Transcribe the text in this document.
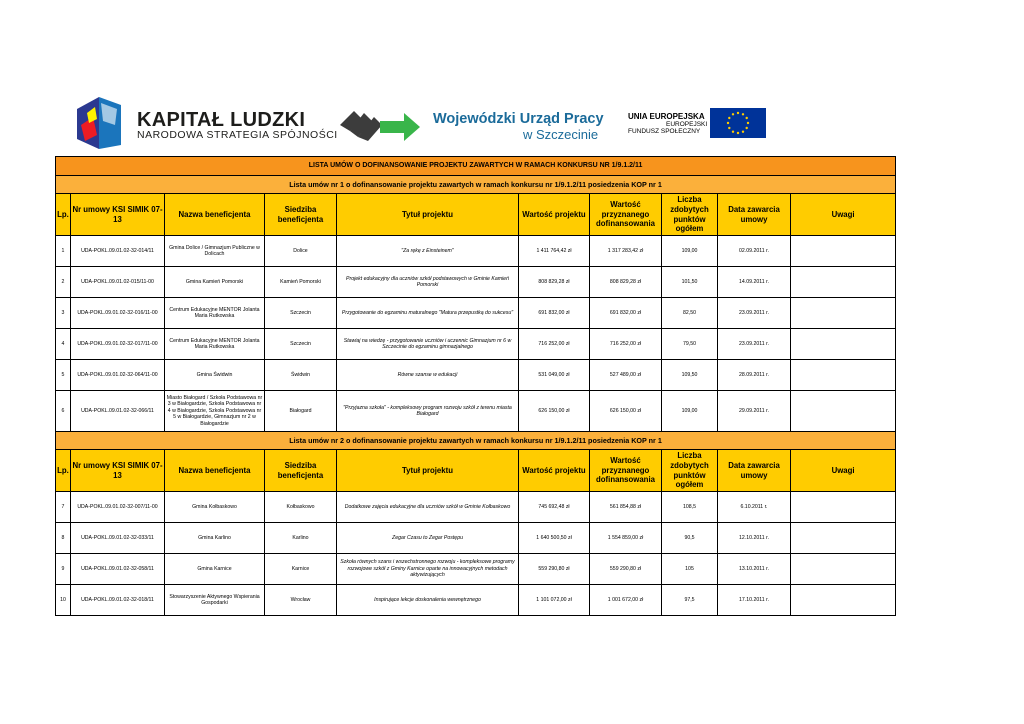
KAPITAŁ LUDZKI
NARODOWA STRATEGIA SPÓJNOŚCI
Wojewódzki Urząd Pracy
w Szczecinie
UNIA EUROPEJSKA
EUROPEJSKI
FUNDUSZ SPOŁECZNY
LISTA UMÓW O DOFINANSOWANIE PROJEKTU ZAWARTYCH W RAMACH KONKURSU NR 1/9.1.2/11									
Lista umów nr 1 o dofinansowanie projektu zawartych w ramach konkursu nr 1/9.1.2/11 posiedzenia KOP nr 1									
Lp.	Nr umowy KSI SIMIK 07-13	Nazwa beneficjenta	Siedziba beneficjenta	Tytuł projektu	Wartość projektu	Wartość przyznanego dofinansowania	Liczba zdobytych punktów ogółem	Data zawarcia umowy	Uwagi
1	UDA-POKL.09.01.02-32-014/11	Gmina Dolice / Gimnazjum Publiczne w Dolicach	Dolice	"Za rękę z Einsteinem"	1 411 764,42 zł	1 317 283,42 zł	109,00	02.09.2011 r.	
2	UDA-POKL.09.01.02-015/11-00	Gmina Kamień Pomorski	Kamień Pomorski	Projekt edukacyjny dla uczniów szkół podstawowych w Gminie Kamień Pomorski	808 829,28 zł	808 829,28 zł	101,50	14.09.2011 r.	
3	UDA-POKL.09.01.02-32-016/11-00	Centrum Edukacyjne MENTOR Jolanta Maria Rutkowska	Szczecin	Przygotowanie do egzaminu maturalnego "Matura przepustką do sukcesu"	691 832,00 zł	691 832,00 zł	82,50	23.09.2011 r.	
4	UDA-POKL.09.01.02-32-017/11-00	Centrum Edukacyjne MENTOR Jolanta Maria Rutkowska	Szczecin	Stawiaj na wiedzę - przygotowanie uczniów i uczennic Gimnazjum nr 6 w Szczecinie do egzaminu gimnazjalnego	716 252,00 zł	716 252,00 zł	79,50	23.09.2011 r.	
5	UDA-POKL.09.01.02-32-064/11-00	Gmina Świdwin	Świdwin	Równe szanse w edukacji	531 049,00 zł	527 489,00 zł	109,50	28.09.2011 r.	
6	UDA-POKL.09.01.02-32-066/11	Miasto Białogard / Szkoła Podstawowa nr 3 w Białogardzie, Szkoła Podstawowa nr 4 w Białogardzie, Szkoła Podstawowa nr 5 w Białogardzie, Gimnazjum nr 2 w Białogardzie	Białogard	"Przyjazna szkoła" - kompleksowy program rozwoju szkół z terenu miasta Białogard	626 150,00 zł	626 150,00 zł	109,00	29.09.2011 r.	
Lista umów nr 2 o dofinansowanie projektu zawartych w ramach konkursu nr 1/9.1.2/11 posiedzenia KOP nr 1									
Lp.	Nr umowy KSI SIMIK 07-13	Nazwa beneficjenta	Siedziba beneficjenta	Tytuł projektu	Wartość projektu	Wartość przyznanego dofinansowania	Liczba zdobytych punktów ogółem	Data zawarcia umowy	Uwagi
7	UDA-POKL.09.01.02-32-007/11-00	Gmina Kołbaskowo	Kołbaskowo	Dodatkowe zajęcia edukacyjne dla uczniów szkół w Gminie Kołbaskowo	745 692,48 zł	561 854,88 zł	108,5	6.10.2011 r.	
8	UDA-POKL.09.01.02-32-033/11	Gmina Karlino	Karlino	Zegar Czasu to Zegar Postępu	1 640 500,50 zł	1 554 859,00 zł	90,5	12.10.2011 r.	
9	UDA-POKL.09.01.02-32-058/11	Gmina Karnice	Karnice	Szkoła równych szans i wszechstronnego rozwoju - kompleksowe programy rozwojowe szkół z Gminy Karnice oparte na innowacyjnych metodach aktywizujących	559 290,80 zł	559 290,80 zł	105	13.10.2011 r.	
10	UDA-POKL.09.01.02-32-018/11	Stowarzyszenie Aktywnego Wspierania Gospodarki	Wrocław	Inspirujące lekcje doskonalenia wewnętrznego	1 101 072,00 zł	1 001 672,00 zł	97,5	17.10.2011 r.	
